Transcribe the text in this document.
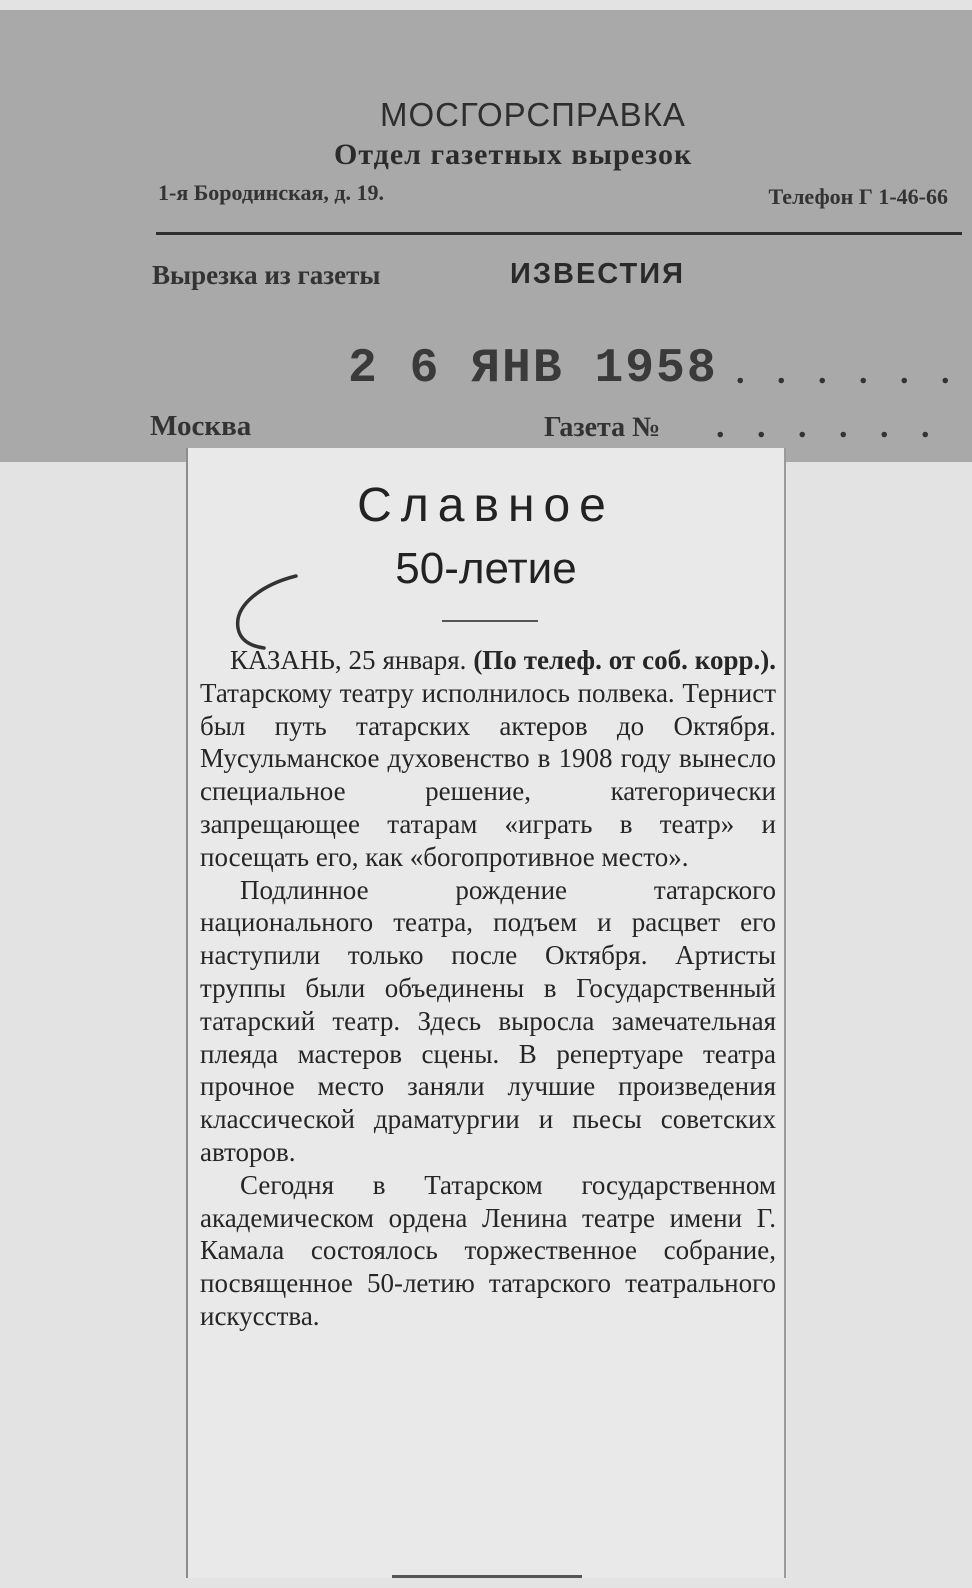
МОСГОРСПРАВКА
Отдел газетных вырезок
1-я Бородинская, д. 19.	Телефон Г 1-46-66
Вырезка из газеты	ИЗВЕСТИЯ
2 6 ЯНВ 1958 . . . . . .
Москва	Газета № . . . . . .
Славное
50-летие

КАЗАНЬ, 25 января. (По телеф. от соб. корр.). Татарскому театру исполнилось полвека. Тернист был путь татарских актеров до Октября. Мусульманское духовенство в 1908 году вынесло специальное решение, категорически запрещающее татарам «играть в театр» и посещать его, как «богопротивное место».

Подлинное рождение татарского национального театра, подъем и расцвет его наступили только после Октября. Артисты труппы были объединены в Государственный татарский театр. Здесь выросла замечательная плеяда мастеров сцены. В репертуаре театра прочное место заняли лучшие произведения классической драматургии и пьесы советских авторов.

Сегодня в Татарском государственном академическом ордена Ленина театре имени Г. Камала состоялось торжественное собрание, посвященное 50-летию татарского театрального искусства.
